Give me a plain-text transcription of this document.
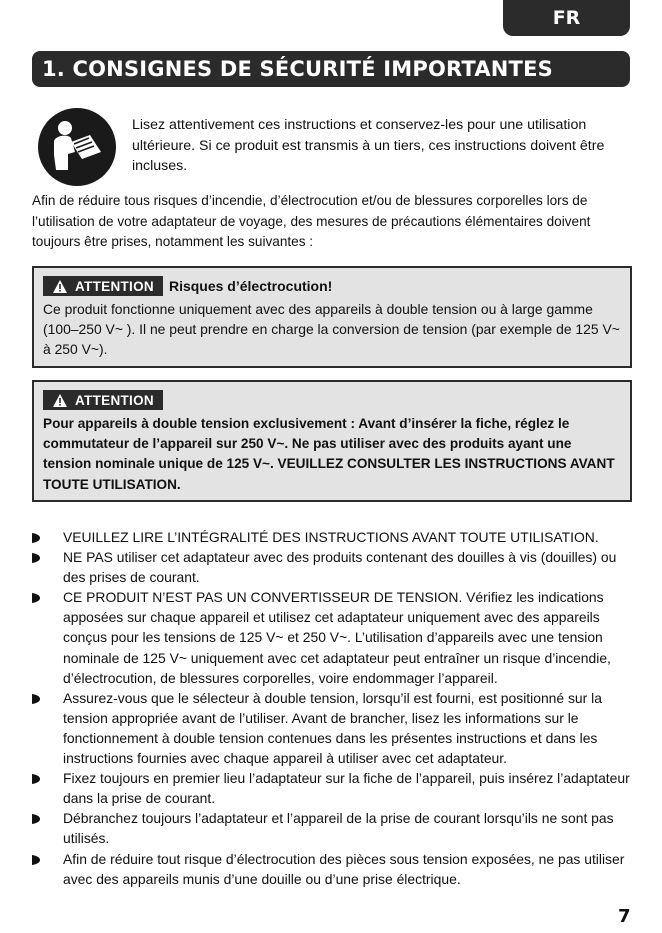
FR
1. CONSIGNES DE SÉCURITÉ IMPORTANTES
Lisez attentivement ces instructions et conservez-les pour une utilisation ultérieure. Si ce produit est transmis à un tiers, ces instructions doivent être incluses.
Afin de réduire tous risques d’incendie, d’électrocution et/ou de blessures corporelles lors de l’utilisation de votre adaptateur de voyage, des mesures de précautions élémentaires doivent toujours être prises, notamment les suivantes :
ATTENTION Risques d’électrocution!
Ce produit fonctionne uniquement avec des appareils à double tension ou à large gamme (100–250 V~ ). Il ne peut prendre en charge la conversion de tension (par exemple de 125 V~ à 250 V~).
ATTENTION
Pour appareils à double tension exclusivement : Avant d’insérer la fiche, réglez le commutateur de l’appareil sur 250 V~. Ne pas utiliser avec des produits ayant une tension nominale unique de 125 V~. VEUILLEZ CONSULTER LES INSTRUCTIONS AVANT TOUTE UTILISATION.
VEUILLEZ LIRE L’INTÉGRALITÉ DES INSTRUCTIONS AVANT TOUTE UTILISATION.
NE PAS utiliser cet adaptateur avec des produits contenant des douilles à vis (douilles) ou des prises de courant.
CE PRODUIT N’EST PAS UN CONVERTISSEUR DE TENSION. Vérifiez les indications apposées sur chaque appareil et utilisez cet adaptateur uniquement avec des appareils conçus pour les tensions de 125 V~ et 250 V~. L’utilisation d’appareils avec une tension nominale de 125 V~ uniquement avec cet adaptateur peut entraîner un risque d’incendie, d’électrocution, de blessures corporelles, voire endommager l’appareil.
Assurez-vous que le sélecteur à double tension, lorsqu’il est fourni, est positionné sur la tension appropriée avant de l’utiliser. Avant de brancher, lisez les informations sur le fonctionnement à double tension contenues dans les présentes instructions et dans les instructions fournies avec chaque appareil à utiliser avec cet adaptateur.
Fixez toujours en premier lieu l’adaptateur sur la fiche de l’appareil, puis insérez l’adaptateur dans la prise de courant.
Débranchez toujours l’adaptateur et l’appareil de la prise de courant lorsqu’ils ne sont pas utilisés.
Afin de réduire tout risque d’électrocution des pièces sous tension exposées, ne pas utiliser avec des appareils munis d’une douille ou d’une prise électrique.
7
